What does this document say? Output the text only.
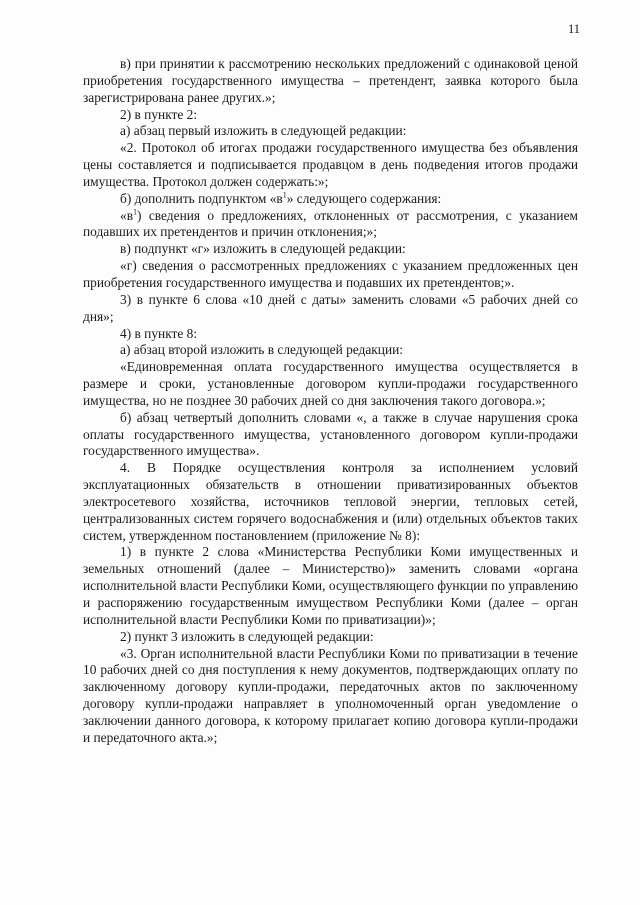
11

в) при принятии к рассмотрению нескольких предложений с одинаковой ценой приобретения государственного имущества – претендент, заявка которого была зарегистрирована ранее других.»;

2) в пункте 2:

а) абзац первый изложить в следующей редакции:

«2. Протокол об итогах продажи государственного имущества без объявления цены составляется и подписывается продавцом в день подведения итогов продажи имущества. Протокол должен содержать:»;

б) дополнить подпунктом «$в^1$» следующего содержания:

«$в^1$) сведения о предложениях, отклоненных от рассмотрения, с указанием подавших их претендентов и причин отклонения;»;

в) подпункт «г» изложить в следующей редакции:

«г) сведения о рассмотренных предложениях с указанием предложенных цен приобретения государственного имущества и подавших их претендентов;».

3) в пункте 6 слова «10 дней с даты» заменить словами «5 рабочих дней со дня»;

4) в пункте 8:

а) абзац второй изложить в следующей редакции:

«Единовременная оплата государственного имущества осуществляется в размере и сроки, установленные договором купли-продажи государственного имущества, но не позднее 30 рабочих дней со дня заключения такого договора.»;

б) абзац четвертый дополнить словами «, а также в случае нарушения срока оплаты государственного имущества, установленного договором купли-продажи государственного имущества».

4. В Порядке осуществления контроля за исполнением условий эксплуатационных обязательств в отношении приватизированных объектов электросетевого хозяйства, источников тепловой энергии, тепловых сетей, централизованных систем горячего водоснабжения и (или) отдельных объектов таких систем, утвержденном постановлением (приложение № 8):

1) в пункте 2 слова «Министерства Республики Коми имущественных и земельных отношений (далее – Министерство)» заменить словами «органа исполнительной власти Республики Коми, осуществляющего функции по управлению и распоряжению государственным имуществом Республики Коми (далее – орган исполнительной власти Республики Коми по приватизации)»;

2) пункт 3 изложить в следующей редакции:

«3. Орган исполнительной власти Республики Коми по приватизации в течение 10 рабочих дней со дня поступления к нему документов, подтверждающих оплату по заключенному договору купли-продажи, передаточных актов по заключенному договору купли-продажи направляет в уполномоченный орган уведомление о заключении данного договора, к которому прилагает копию договора купли-продажи и передаточного акта.»;
